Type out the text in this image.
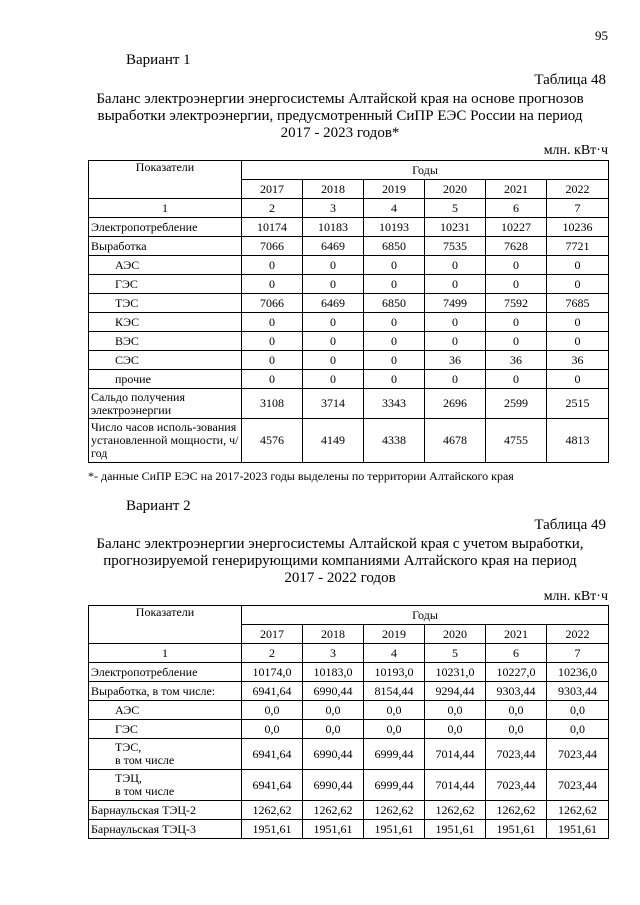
95
Вариант 1
Таблица 48
Баланс электроэнергии энергосистемы Алтайской края на основе прогнозов
выработки электроэнергии, предусмотренный СиПР ЕЭС России на период
2017 - 2023 годов*
млн. кВт·ч
Показатели	Годы					
	2017	2018	2019	2020	2021	2022
1	2	3	4	5	6	7
Электропотребление	10174	10183	10193	10231	10227	10236
Выработка	7066	6469	6850	7535	7628	7721
АЭС	0	0	0	0	0	0
ГЭС	0	0	0	0	0	0
ТЭС	7066	6469	6850	7499	7592	7685
КЭС	0	0	0	0	0	0
ВЭС	0	0	0	0	0	0
СЭС	0	0	0	36	36	36
прочие	0	0	0	0	0	0
Сальдо получения электроэнергии	3108	3714	3343	2696	2599	2515
Число часов исполь-зования установленной мощности, ч/год	4576	4149	4338	4678	4755	4813
*- данные СиПР ЕЭС на 2017-2023 годы выделены по территории Алтайского края
Вариант 2
Таблица 49
Баланс электроэнергии энергосистемы Алтайской края с учетом выработки,
прогнозируемой генерирующими компаниями Алтайского края на период
2017 - 2022 годов
млн. кВт·ч
Показатели	Годы					
	2017	2018	2019	2020	2021	2022
1	2	3	4	5	6	7
Электропотребление	10174,0	10183,0	10193,0	10231,0	10227,0	10236,0
Выработка, в том числе:	6941,64	6990,44	8154,44	9294,44	9303,44	9303,44
АЭС	0,0	0,0	0,0	0,0	0,0	0,0
ГЭС	0,0	0,0	0,0	0,0	0,0	0,0

ТЭС,
в том числе	6941,64	6990,44	6999,44	7014,44	7023,44	7023,44

ТЭЦ,
в том числе	6941,64	6990,44	6999,44	7014,44	7023,44	7023,44
Барнаульская ТЭЦ-2	1262,62	1262,62	1262,62	1262,62	1262,62	1262,62
Барнаульская ТЭЦ-3	1951,61	1951,61	1951,61	1951,61	1951,61	1951,61
